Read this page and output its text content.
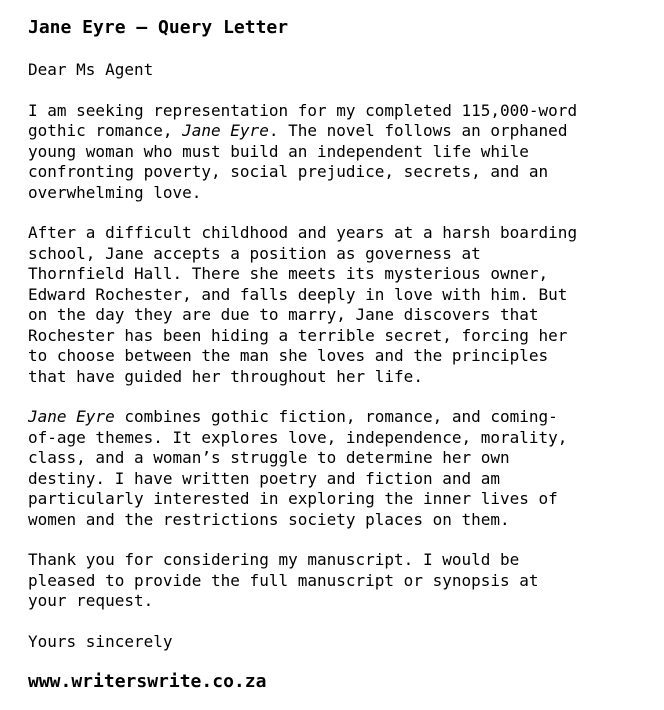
Jane Eyre – Query Letter

Dear Ms Agent

I am seeking representation for my completed 115,000-word
gothic romance, Jane Eyre. The novel follows an orphaned
young woman who must build an independent life while
confronting poverty, social prejudice, secrets, and an
overwhelming love.

After a difficult childhood and years at a harsh boarding
school, Jane accepts a position as governess at
Thornfield Hall. There she meets its mysterious owner,
Edward Rochester, and falls deeply in love with him. But
on the day they are due to marry, Jane discovers that
Rochester has been hiding a terrible secret, forcing her
to choose between the man she loves and the principles
that have guided her throughout her life.

Jane Eyre combines gothic fiction, romance, and coming-
of-age themes. It explores love, independence, morality,
class, and a woman’s struggle to determine her own
destiny. I have written poetry and fiction and am
particularly interested in exploring the inner lives of
women and the restrictions society places on them.

Thank you for considering my manuscript. I would be
pleased to provide the full manuscript or synopsis at
your request.

Yours sincerely

www.writerswrite.co.za
